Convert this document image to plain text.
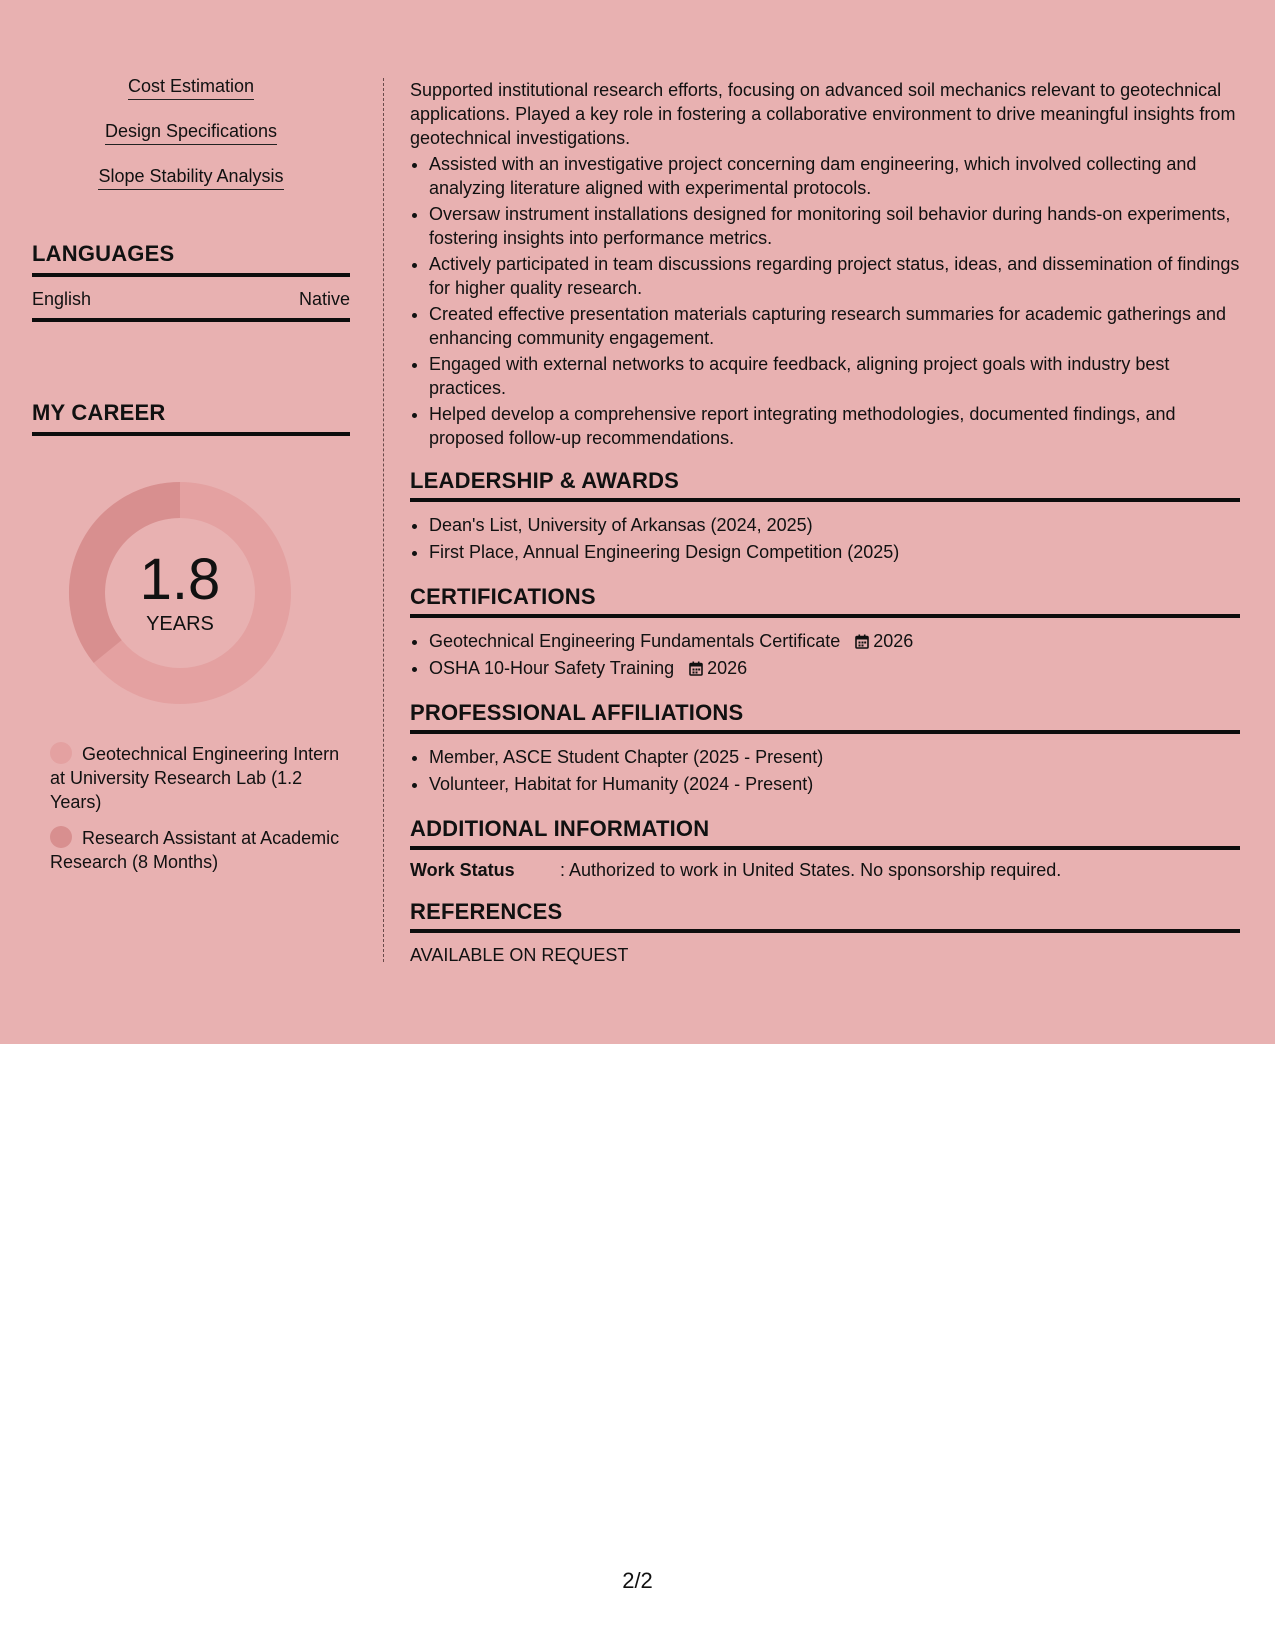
Cost Estimation
Design Specifications
Slope Stability Analysis
LANGUAGES
English	Native
MY CAREER
1.8
YEARS
Geotechnical Engineering Intern at University Research Lab (1.2 Years)
Research Assistant at Academic Research (8 Months)

Supported institutional research efforts, focusing on advanced soil mechanics relevant to geotechnical applications. Played a key role in fostering a collaborative environment to drive meaningful insights from geotechnical investigations.

• Assisted with an investigative project concerning dam engineering, which involved collecting and analyzing literature aligned with experimental protocols.
• Oversaw instrument installations designed for monitoring soil behavior during hands-on experiments, fostering insights into performance metrics.
• Actively participated in team discussions regarding project status, ideas, and dissemination of findings for higher quality research.
• Created effective presentation materials capturing research summaries for academic gatherings and enhancing community engagement.
• Engaged with external networks to acquire feedback, aligning project goals with industry best practices.
• Helped develop a comprehensive report integrating methodologies, documented findings, and proposed follow-up recommendations.
LEADERSHIP & AWARDS
• Dean's List, University of Arkansas (2024, 2025)
• First Place, Annual Engineering Design Competition (2025)
CERTIFICATIONS
• Geotechnical Engineering Fundamentals Certificate 2026
• OSHA 10-Hour Safety Training 2026
PROFESSIONAL AFFILIATIONS
• Member, ASCE Student Chapter (2025 - Present)
• Volunteer, Habitat for Humanity (2024 - Present)
ADDITIONAL INFORMATION
Work Status	: Authorized to work in United States. No sponsorship required.
REFERENCES
AVAILABLE ON REQUEST
2/2
